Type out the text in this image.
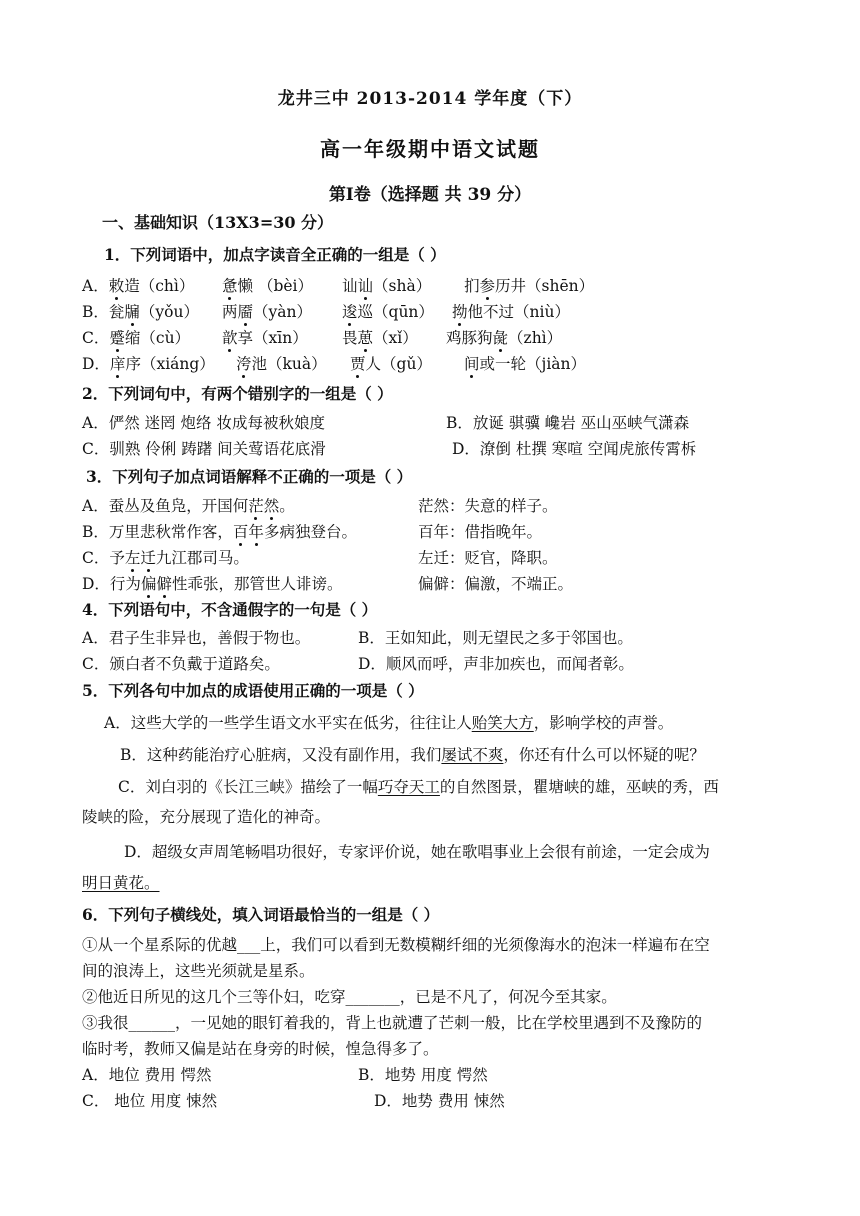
龙井三中 2013-2014 学年度（下）
高一年级期中语文试题
第Ⅰ卷（选择题 共 39 分）
一、基础知识（13X3=30 分）
1．下列词语中，加点字读音全正确的一组是（ ）
A．敕造（chì） 惫懒 （bèi） 讪讪（shà） 扪参历井（shēn）
B．瓮牖（yǒu） 两靥（yàn） 逡巡（qūn） 拗他不过（niù）
C．蹙缩（cù） 歆享（xīn） 畏葸（xǐ） 鸡豚狗彘（zhì）
D．庠序（xiáng） 洿池（kuà） 贾人（gǔ） 间或一轮（jiàn）
2．下列词句中，有两个错别字的一组是（ ）
A．俨然 迷罔 炮络 妆成每被秋娘度	B．放诞 骐骥 巉岩 巫山巫峡气潇森
C．驯熟 伶俐 踌躇 间关莺语花底滑	D．潦倒 杜撰 寒喧 空闻虎旅传霄柝
3．下列句子加点词语解释不正确的一项是（ ）
A．蚕丛及鱼凫，开国何茫然。	茫然：失意的样子。
B．万里悲秋常作客，百年多病独登台。	百年：借指晚年。
C．予左迁九江郡司马。	左迁：贬官，降职。
D．行为偏僻性乖张，那管世人诽谤。	偏僻：偏激，不端正。
4．下列语句中，不含通假字的一句是（ ）
A．君子生非异也，善假于物也。	B．王如知此，则无望民之多于邻国也。
C．颁白者不负戴于道路矣。	D．顺风而呼，声非加疾也，而闻者彰。
5．下列各句中加点的成语使用正确的一项是（ ）
A．这些大学的一些学生语文水平实在低劣，往往让人贻笑大方，影响学校的声誉。
B．这种药能治疗心脏病，又没有副作用，我们屡试不爽，你还有什么可以怀疑的呢？
C．刘白羽的《长江三峡》描绘了一幅巧夺天工的自然图景，瞿塘峡的雄，巫峡的秀，西
陵峡的险，充分展现了造化的神奇。
D．超级女声周笔畅唱功很好，专家评价说，她在歌唱事业上会很有前途，一定会成为
明日黄花。
6．下列句子横线处，填入词语最恰当的一组是（ ）
①从一个星系际的优越___上，我们可以看到无数模糊纤细的光须像海水的泡沫一样遍布在空
间的浪涛上，这些光须就是星系。
②他近日所见的这几个三等仆妇，吃穿_______，已是不凡了，何况今至其家。
③我很______，一见她的眼钉着我的，背上也就遭了芒刺一般，比在学校里遇到不及豫防的
临时考，教师又偏是站在身旁的时候，惶急得多了。
A．地位 费用 愕然	B．地势 用度 愕然
C． 地位 用度 悚然	D．地势 费用 悚然
